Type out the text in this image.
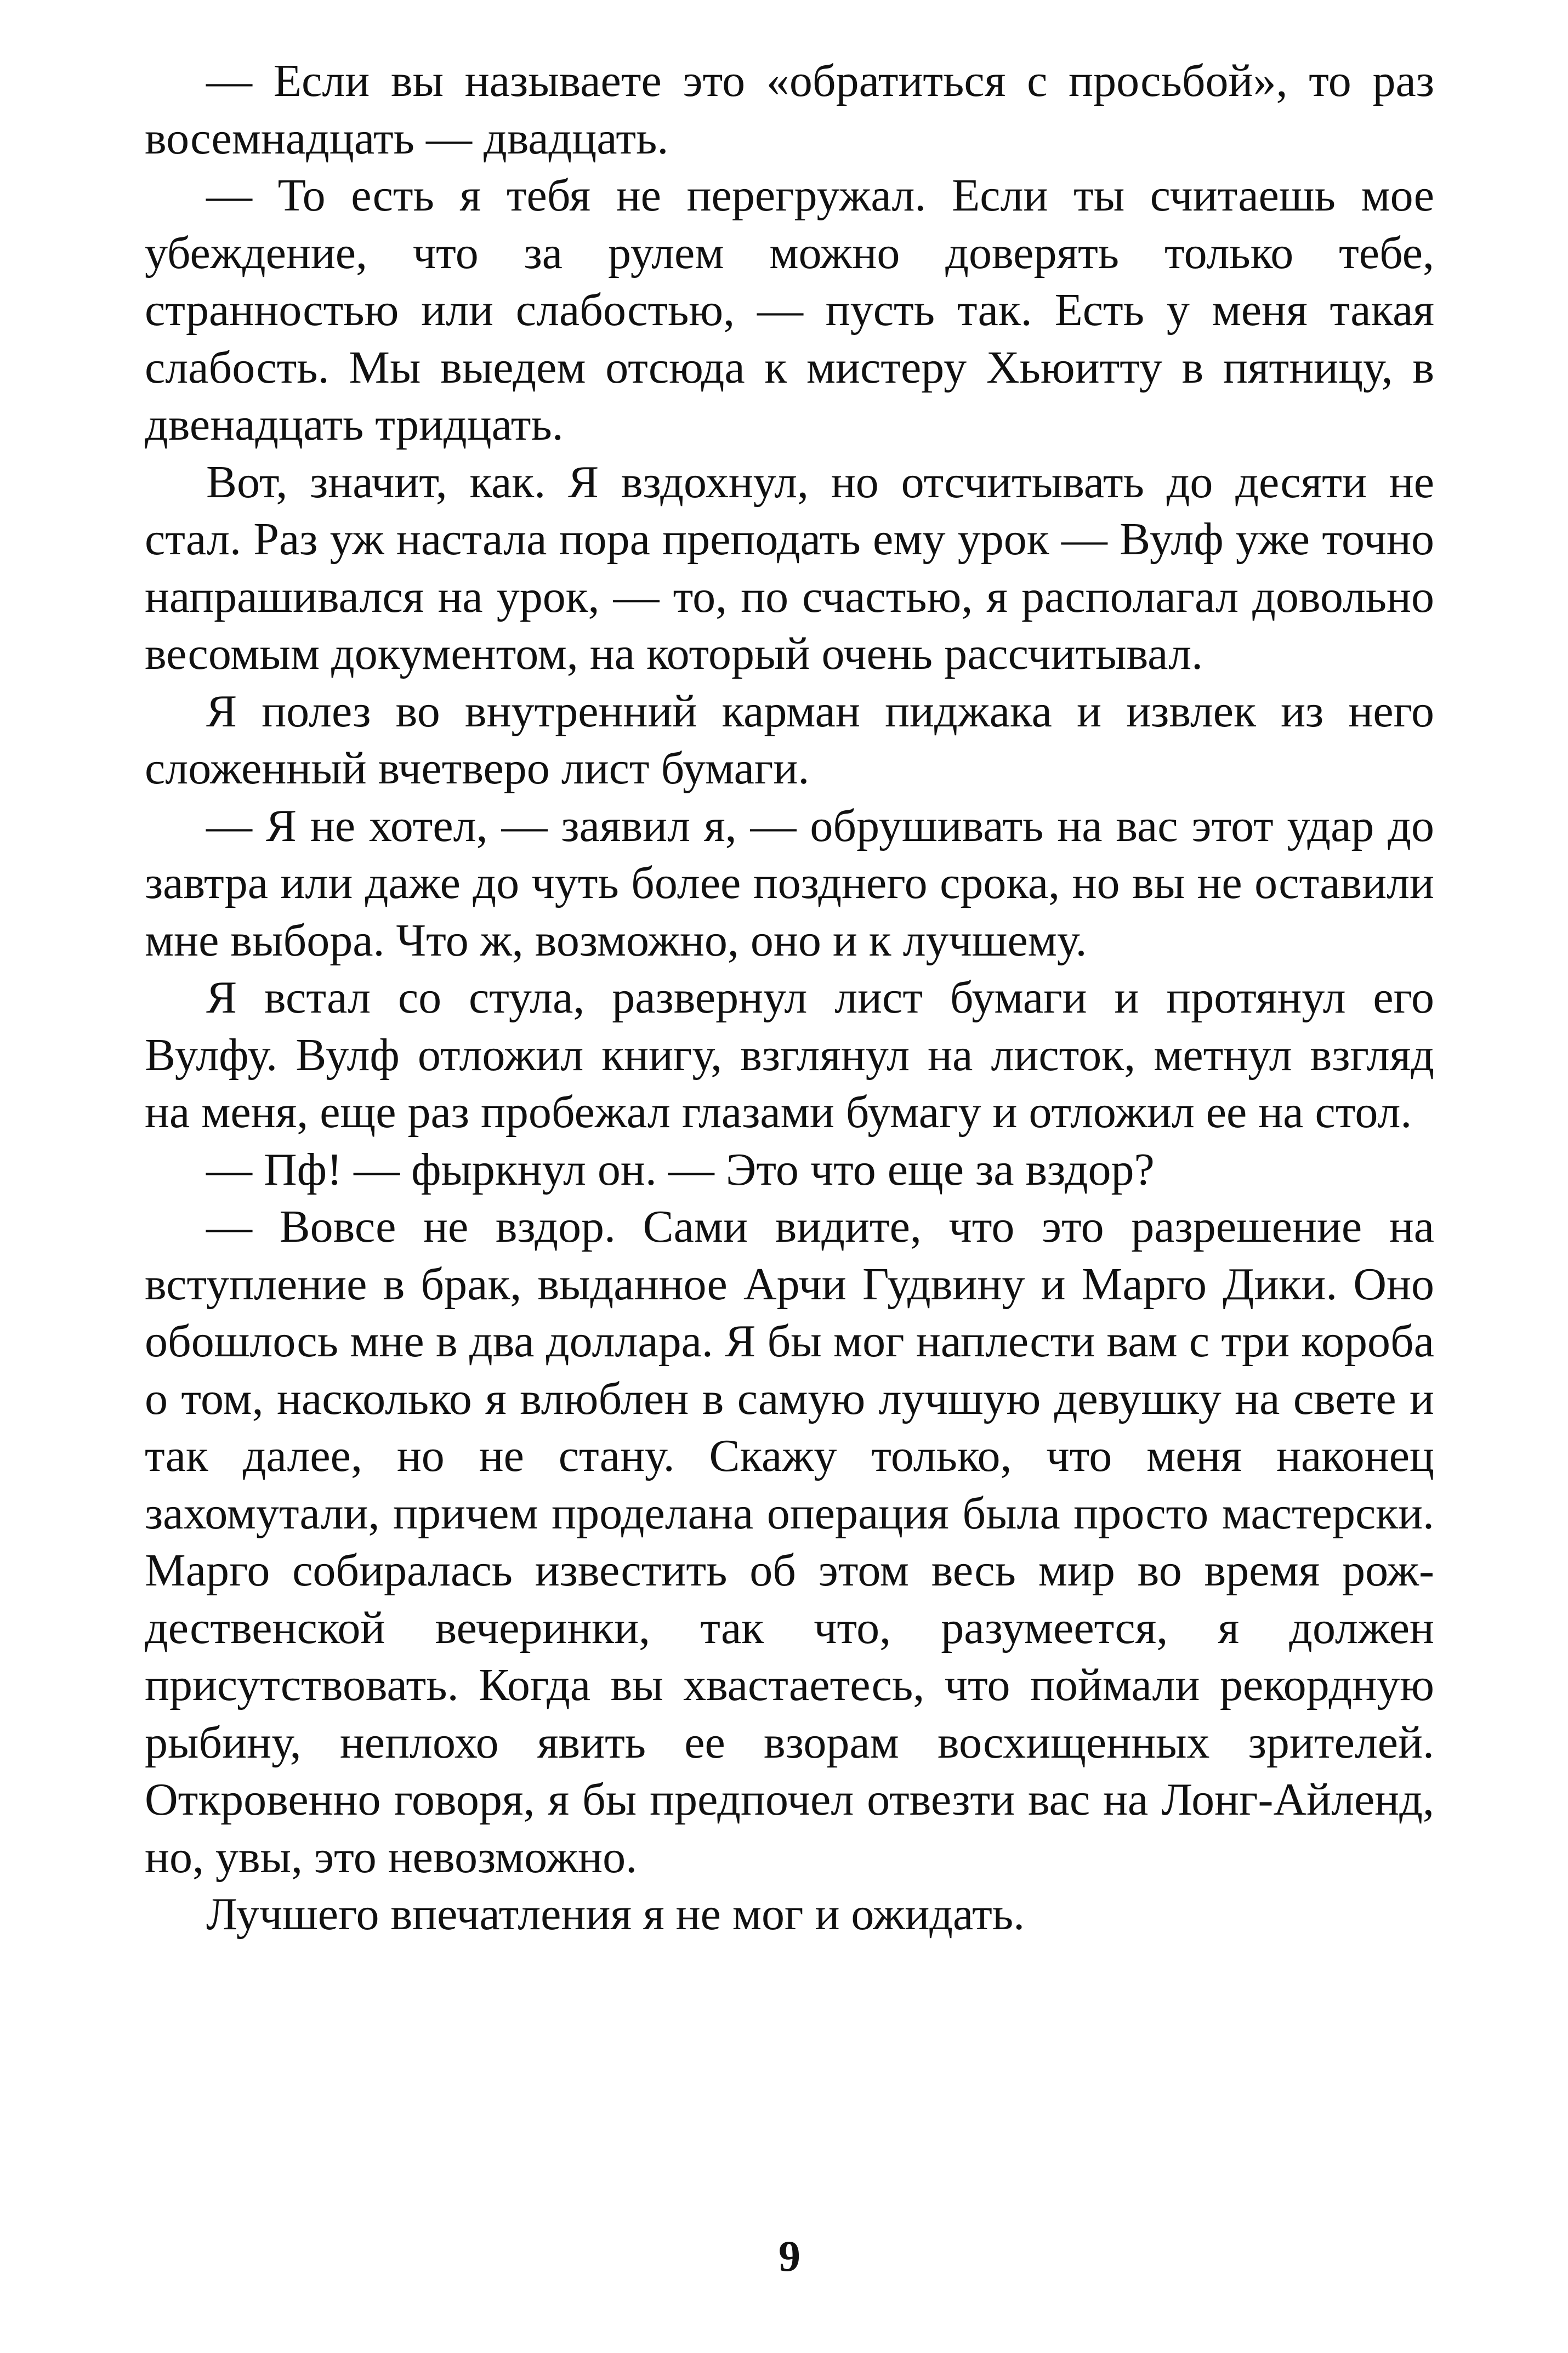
— Если вы называете это «обратиться с просьбой», то раз восемнадцать — двадцать.

— То есть я тебя не перегружал. Если ты считаешь мое убеждение, что за рулем можно доверять только тебе, странностью или слабостью, — пусть так. Есть у меня такая слабость. Мы выедем отсюда к мистеру Хьюитту в пятницу, в двенадцать тридцать.

Вот, значит, как. Я вздохнул, но отсчитывать до десяти не стал. Раз уж настала пора преподать ему урок — Вулф уже точно напрашивался на урок, — то, по счастью, я располагал довольно весомым документом, на который очень рассчитывал.

Я полез во внутренний карман пиджака и извлек из него сложенный вчетверо лист бумаги.

— Я не хотел, — заявил я, — обрушивать на вас этот удар до завтра или даже до чуть более позднего срока, но вы не оставили мне выбора. Что ж, возможно, оно и к лучшему.

Я встал со стула, развернул лист бумаги и протянул его Вулфу. Вулф отложил книгу, взглянул на листок, метнул взгляд на меня, еще раз пробежал глазами бумагу и отложил ее на стол.

— Пф! — фыркнул он. — Это что еще за вздор?

— Вовсе не вздор. Сами видите, что это разрешение на вступление в брак, выданное Арчи Гудвину и Марго Дики. Оно обошлось мне в два доллара. Я бы мог наплести вам с три короба о том, насколько я влюблен в самую лучшую девушку на свете и так далее, но не стану. Скажу только, что меня наконец захомутали, причем проделана операция была просто мастерски. Марго собиралась известить об этом весь мир во время рождественской вечеринки, так что, разумеется, я должен присутствовать. Когда вы хвастаетесь, что поймали рекордную рыбину, неплохо явить ее взорам восхищенных зрителей. Откровенно говоря, я бы предпочел отвезти вас на Лонг-Айленд, но, увы, это невозможно.

Лучшего впечатления я не мог и ожидать.

9
